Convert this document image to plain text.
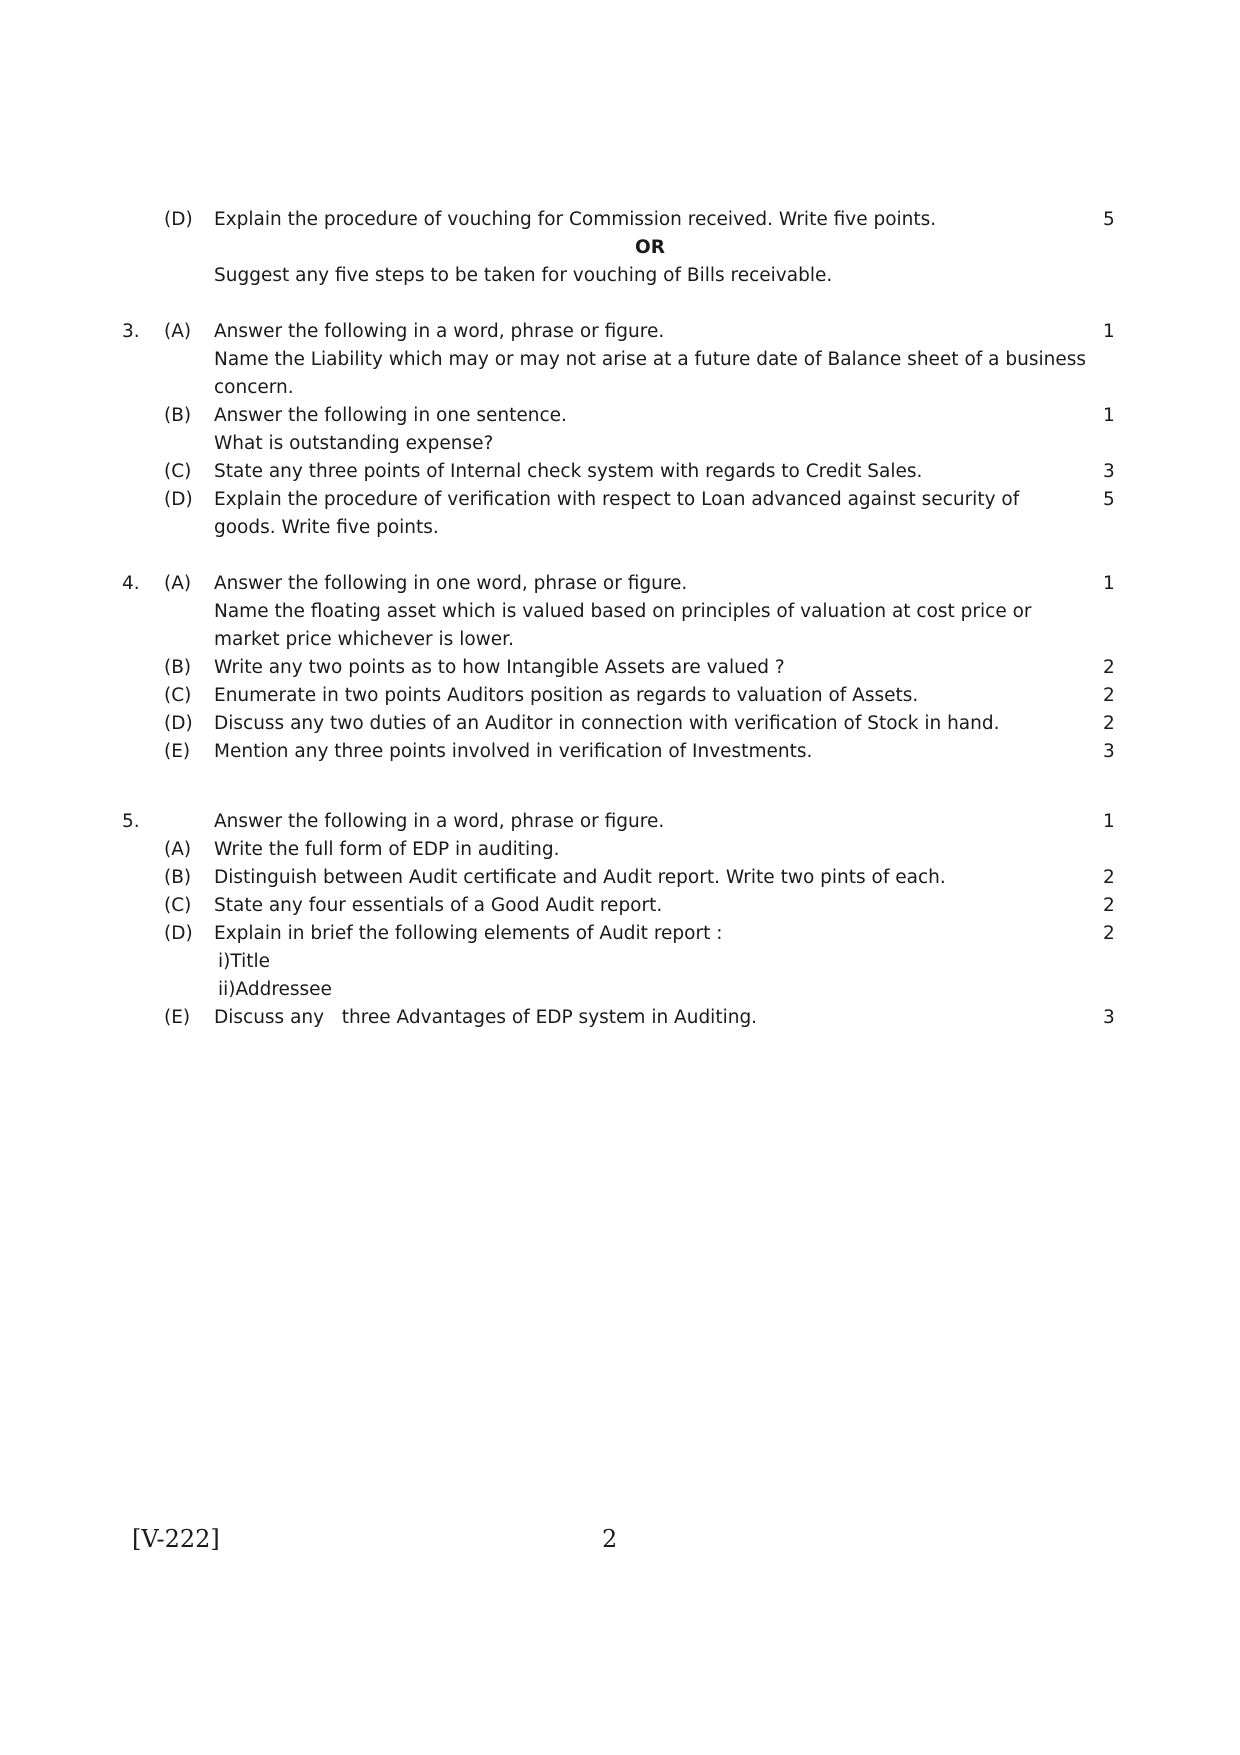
(D) Explain the procedure of vouching for Commission received. Write five points.	5
OR
Suggest any five steps to be taken for vouching of Bills receivable.
3. (A) Answer the following in a word, phrase or figure.	1
Name the Liability which may or may not arise at a future date of Balance sheet of a business
concern.
(B) Answer the following in one sentence.	1
What is outstanding expense?
(C) State any three points of Internal check system with regards to Credit Sales.	3
(D) Explain the procedure of verification with respect to Loan advanced against security of	5
goods. Write five points.
4. (A) Answer the following in one word, phrase or figure.	1
Name the floating asset which is valued based on principles of valuation at cost price or
market price whichever is lower.
(B) Write any two points as to how Intangible Assets are valued ?	2
(C) Enumerate in two points Auditors position as regards to valuation of Assets.	2
(D) Discuss any two duties of an Auditor in connection with verification of Stock in hand.	2
(E) Mention any three points involved in verification of Investments.	3
5.	Answer the following in a word, phrase or figure.	1
(A) Write the full form of EDP in auditing.
(B) Distinguish between Audit certificate and Audit report. Write two pints of each.	2
(C) State any four essentials of a Good Audit report.	2
(D) Explain in brief the following elements of Audit report :	2
i)Title
ii)Addressee
(E) Discuss any   three Advantages of EDP system in Auditing.	3
[V-222]	2
